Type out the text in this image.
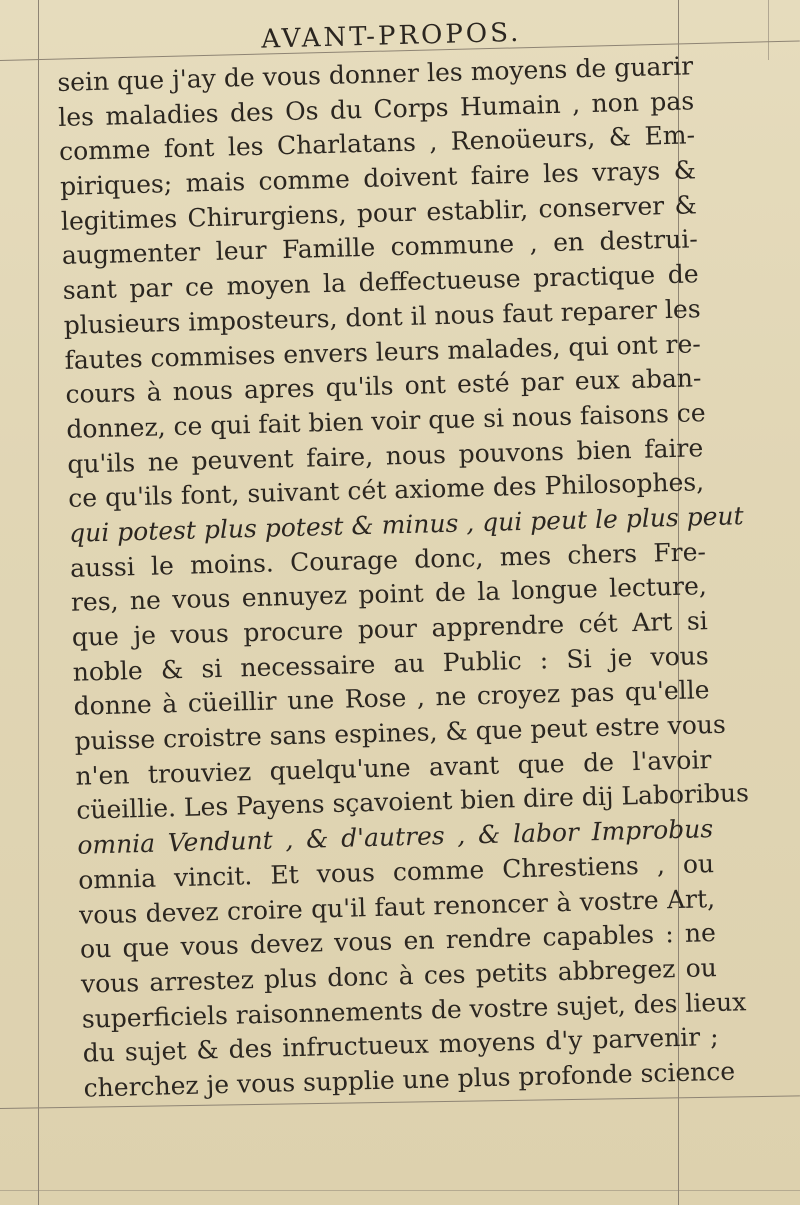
AVANT-PROPOS.
sein que j'ay de vous donner les moyens de guarir
les maladies des Os du Corps Humain , non pas
comme font les Charlatans , Renoüeurs, & Em-
piriques; mais comme doivent faire les vrays &
legitimes Chirurgiens, pour establir, conserver &
augmenter leur Famille commune , en destrui-
sant par ce moyen la deffectueuse practique de
plusieurs imposteurs, dont il nous faut reparer les
fautes commises envers leurs malades, qui ont re-
cours à nous apres qu'ils ont esté par eux aban-
donnez, ce qui fait bien voir que si nous faisons ce
qu'ils ne peuvent faire, nous pouvons bien faire
ce qu'ils font, suivant cét axiome des Philosophes,
qui potest plus potest & minus , qui peut le plus peut
aussi le moins. Courage donc, mes chers Fre-
res, ne vous ennuyez point de la longue lecture,
que je vous procure pour apprendre cét Art si
noble & si necessaire au Public : Si je vous
donne à cüeillir une Rose , ne croyez pas qu'elle
puisse croistre sans espines, & que peut estre vous
n'en trouviez quelqu'une avant que de l'avoir
cüeillie. Les Payens sçavoient bien dire dij Laboribus
omnia Vendunt , & d'autres , & labor Improbus
omnia vincit. Et vous comme Chrestiens , ou
vous devez croire qu'il faut renoncer à vostre Art,
ou que vous devez vous en rendre capables : ne
vous arrestez plus donc à ces petits abbregez ou
superficiels raisonnements de vostre sujet, des lieux
du sujet & des infructueux moyens d'y parvenir ;
cherchez je vous supplie une plus profonde science
